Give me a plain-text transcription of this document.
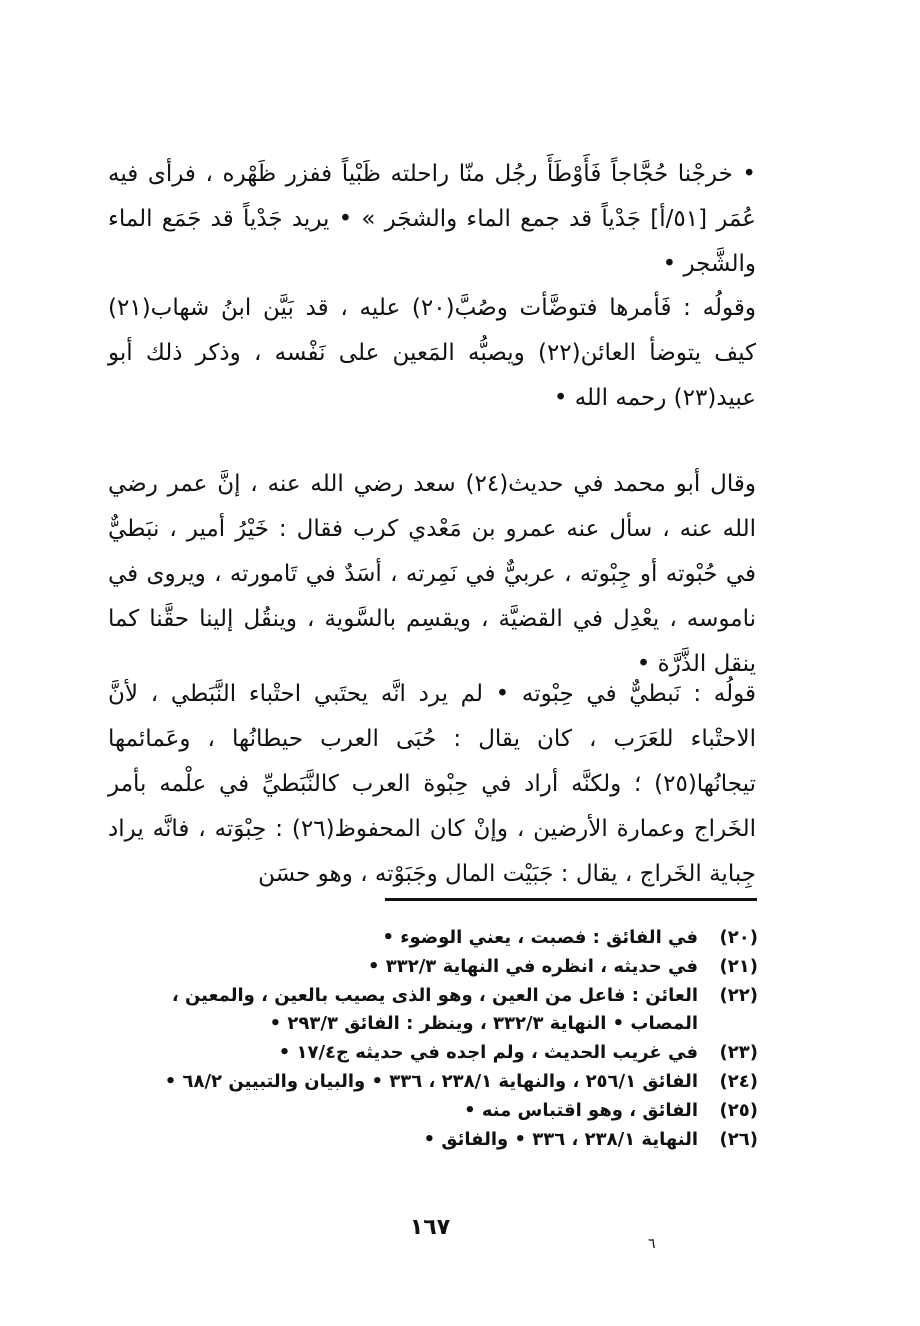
• خرجْنا حُجَّاجاً فَأَوْطَأَ رجُل منّا راحلته ظَبْياً ففزر ظَهْره ، فرأى فيه عُمَر [٥١/أ] جَدْياً قد جمع الماء والشجَر » • يريد جَدْياً قد جَمَع الماء والشَّجر •

وقولُه : فَأمرها فتوضَّأت وصُبَّ(٢٠) عليه ، قد بَيَّن ابنُ شهاب(٢١) كيف يتوضأ العائن(٢٢) ويصبُّه المَعين على نَفْسه ، وذكر ذلك أبو عبيد(٢٣) رحمه الله •

وقال أبو محمد في حديث(٢٤) سعد رضي الله عنه ، إنَّ عمر رضي الله عنه ، سأل عنه عمرو بن مَعْدي كرب فقال : خَيْرُ أمير ، نبَطيٌّ في حُبْوته أو جِبْوته ، عربيٌّ في نَمِرته ، أسَدٌ في تَامورته ، ويروى في ناموسه ، يعْدِل في القضيَّة ، ويقسِم بالسَّوية ، وينقُل إلينا حقَّنا كما ينقل الذَّرَّة •

قولُه : نَبطيٌّ في حِبْوته • لم يرد انَّه يحتَبي احتْباء النَّبَطي ، لأنَّ الاحتْباء للعَرَب ، كان يقال : حُبَى العرب حيطانُها ، وعَمائمها تيجانُها(٢٥) ؛ ولكنَّه أراد في حِبْوة العرب كالنَّبَطيِّ في علْمه بأمر الخَراج وعمارة الأرضين ، وإنْ كان المحفوظ(٢٦) : حِبْوَته ، فانَّه يراد جِباية الخَراج ، يقال : جَبَيْت المال وجَبَوْته ، وهو حسَن

(٢٠)
في الفائق : فصبت ، يعني الوضوء •
(٢١)
في حديثه ، انظره في النهاية ٣٣٢/٣ •
(٢٢)
العائن : فاعل من العين ، وهو الذى يصيب بالعين ، والمعين ، المصاب • النهاية ٣٣٢/٣ ، وينظر : الفائق ٢٩٣/٣ •
(٢٣)
في غريب الحديث ، ولم اجده في حديثه ج١٧/٤ •
(٢٤)
الفائق ٢٥٦/١ ، والنهاية ٢٣٨/١ ، ٣٣٦ • والبيان والتبيين ٦٨/٢ •
(٢٥)
الفائق ، وهو اقتباس منه •
(٢٦)
النهاية ٢٣٨/١ ، ٣٣٦ • والفائق •
١٦٧
٦
